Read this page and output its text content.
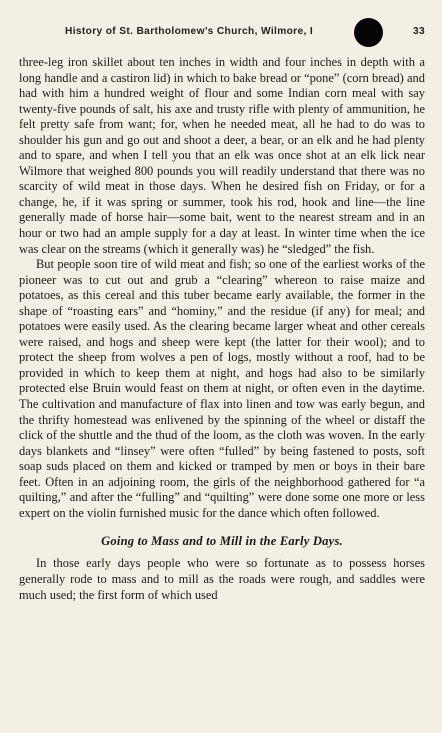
History of St. Bartholomew’s Church, Wilmore, I	33

three-leg iron skillet about ten inches in width and four inches in depth with a long handle and a castiron lid) in which to bake bread or “pone” (corn bread) and had with him a hundred weight of flour and some Indian corn meal with say twenty-five pounds of salt, his axe and trusty rifle with plenty of ammunition, he felt pretty safe from want; for, when he needed meat, all he had to do was to shoulder his gun and go out and shoot a deer, a bear, or an elk and he had plenty and to spare, and when I tell you that an elk was once shot at an elk lick near Wilmore that weighed 800 pounds you will readily understand that there was no scarcity of wild meat in those days. When he desired fish on Friday, or for a change, he, if it was spring or summer, took his rod, hook and line—the line generally made of horse hair—some bait, went to the nearest stream and in an hour or two had an ample supply for a day at least. In winter time when the ice was clear on the streams (which it generally was) he “sledged” the fish.

But people soon tire of wild meat and fish; so one of the earliest works of the pioneer was to cut out and grub a “clearing” whereon to raise maize and potatoes, as this cereal and this tuber became early available, the former in the shape of “roasting ears” and “hominy,” and the residue (if any) for meal; and potatoes were easily used. As the clearing became larger wheat and other cereals were raised, and hogs and sheep were kept (the latter for their wool); and to protect the sheep from wolves a pen of logs, mostly without a roof, had to be provided in which to keep them at night, and hogs had also to be similarly protected else Bruin would feast on them at night, or often even in the daytime. The cultivation and manufacture of flax into linen and tow was early begun, and the thrifty homestead was enlivened by the spinning of the wheel or distaff the click of the shuttle and the thud of the loom, as the cloth was woven. In the early days blankets and “linsey” were often “fulled” by being fastened to posts, soft soap suds placed on them and kicked or tramped by men or boys in their bare feet. Often in an adjoining room, the girls of the neighborhood gathered for “a quilting,” and after the “fulling” and “quilting” were done some one more or less expert on the violin furnished music for the dance which often followed.

Going to Mass and to Mill in the Early Days.

In those early days people who were so fortunate as to possess horses generally rode to mass and to mill as the roads were rough, and saddles were much used; the first form of which used
